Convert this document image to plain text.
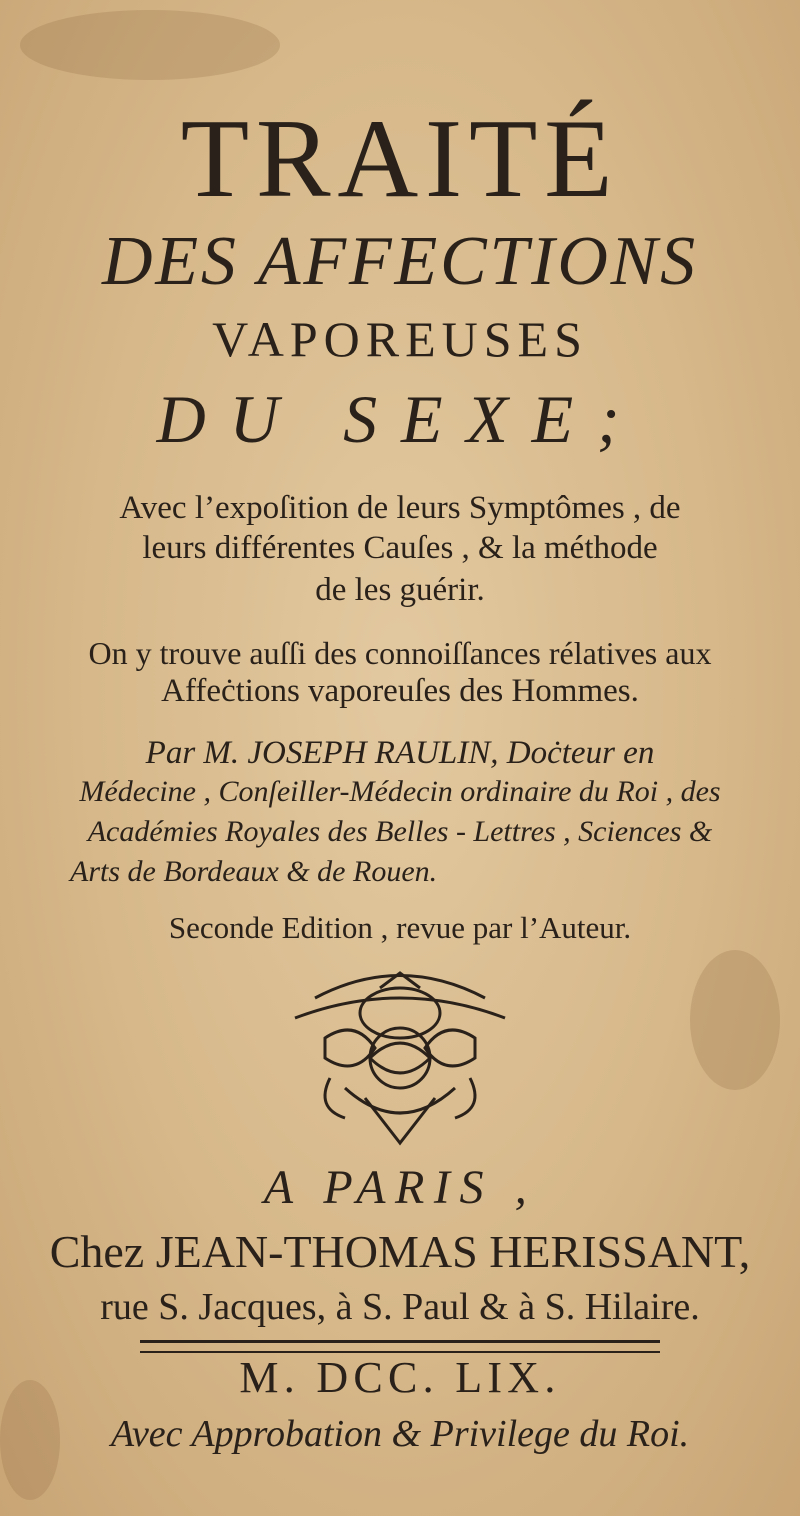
TRAITÉ
DES AFFECTIONS
VAPOREUSES
DU SEXE;
Avec l’expoſition de leurs Symptômes , de
leurs différentes Cauſes , & la méthode
de les guérir.
On y trouve auſſi des connoiſſances rélatives aux
Affeċtions vaporeuſes des Hommes.
Par M. JOSEPH RAULIN, Doċteur en
Médecine , Conſeiller-Médecin ordinaire du Roi , des
Académies Royales des Belles - Lettres , Sciences &
Arts de Bordeaux & de Rouen.
Seconde Edition , revue par l’Auteur.
A PARIS ,
Chez JEAN-THOMAS HERISSANT,
rue S. Jacques, à S. Paul & à S. Hilaire.
M. DCC. LIX.
Avec Approbation & Privilege du Roi.
